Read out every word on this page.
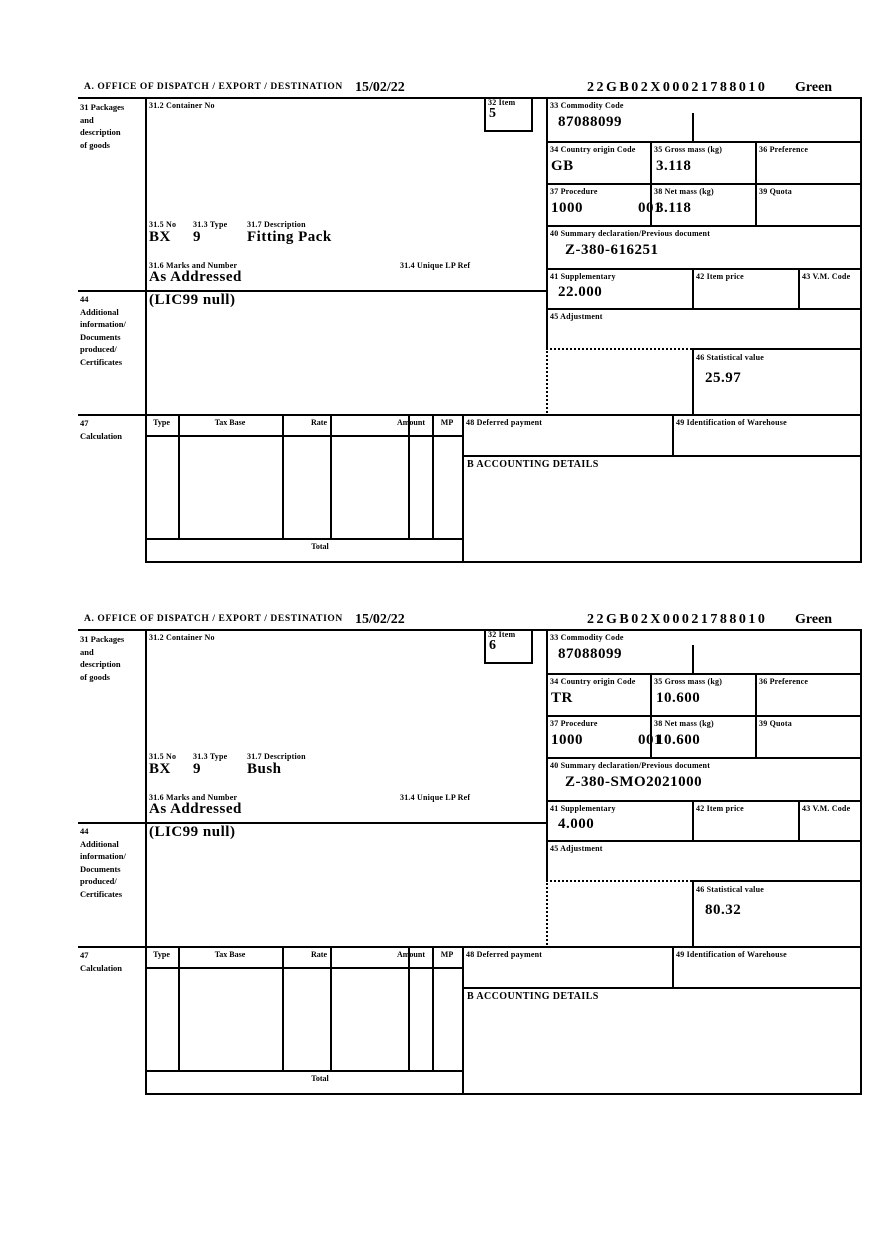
A. OFFICE OF DISPATCH / EXPORT / DESTINATION 15/02/22	22GB02X00021788010 Green
31 Packages
and
description
of goods
44
Additional
information/
Documents
produced/
Certificates
47
Calculation
32 Item
5
31.2 Container No
31.5 No 31.3 Type 31.7 Description
BX 9	Fitting Pack
31.6 Marks and Number	31.4 Unique LP Ref
As Addressed
(LIC99 null)
33 Commodity Code
87088099
34 Country origin Code
GB
35 Gross mass (kg)
3.118
36 Preference
37 Procedure
1000	001
38 Net mass (kg)
3.118
39 Quota
40 Summary declaration/Previous document
Z-380-616251
41 Supplementary
22.000
42 Item price	43 V.M. Code
45 Adjustment
46 Statistical value
25.97
48 Deferred payment	49 Identification of Warehouse
B ACCOUNTING DETAILS
Type	Tax Base	Rate	Amount	MP
Total
A. OFFICE OF DISPATCH / EXPORT / DESTINATION 15/02/22	22GB02X00021788010 Green
31 Packages
and
description
of goods
44
Additional
information/
Documents
produced/
Certificates
47
Calculation
32 Item
6
31.2 Container No
31.5 No 31.3 Type 31.7 Description
BX 9	Bush
31.6 Marks and Number	31.4 Unique LP Ref
As Addressed
(LIC99 null)
33 Commodity Code
87088099
34 Country origin Code
TR
35 Gross mass (kg)
10.600
36 Preference
37 Procedure
1000	001
38 Net mass (kg)
10.600
39 Quota
40 Summary declaration/Previous document
Z-380-SMO2021000
41 Supplementary
4.000
42 Item price	43 V.M. Code
45 Adjustment
46 Statistical value
80.32
48 Deferred payment	49 Identification of Warehouse
B ACCOUNTING DETAILS
Type	Tax Base	Rate	Amount	MP
Total
